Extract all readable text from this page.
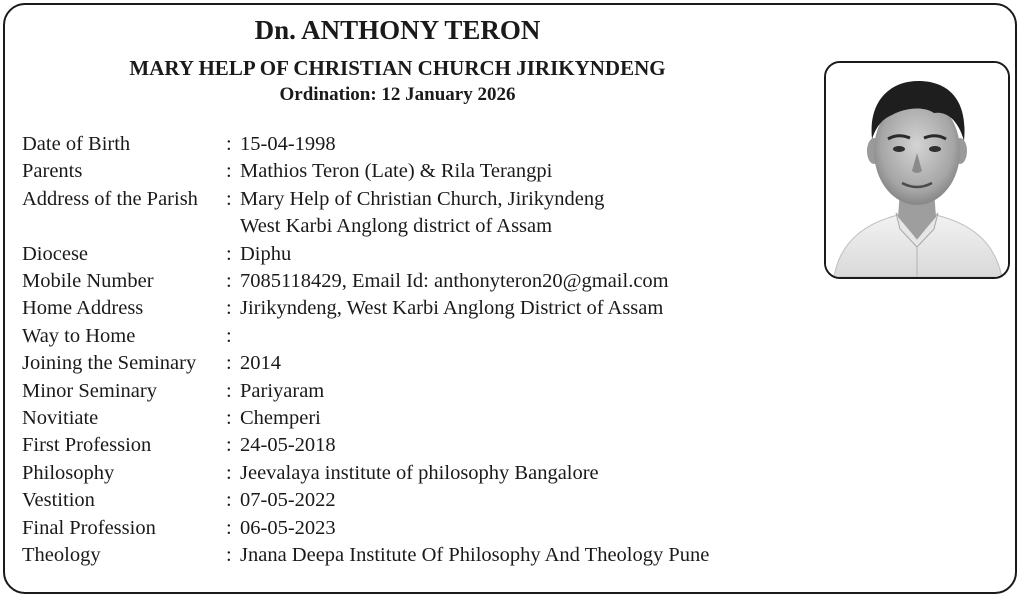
Dn. ANTHONY TERON
MARY HELP OF CHRISTIAN CHURCH JIRIKYNDENG
Ordination: 12 January 2026
Date of Birth	: 15-04-1998
Parents	: Mathios Teron (Late) & Rila Terangpi
Address of the Parish	: Mary Help of Christian Church, Jirikyndeng
West Karbi Anglong district of Assam
Diocese	: Diphu
Mobile Number	: 7085118429, Email Id: anthonyteron20@gmail.com
Home Address	: Jirikyndeng, West Karbi Anglong District of Assam
Way to Home	:
Joining the Seminary	: 2014
Minor Seminary	: Pariyaram
Novitiate	: Chemperi
First Profession	: 24-05-2018
Philosophy	: Jeevalaya institute of philosophy Bangalore
Vestition	: 07-05-2022
Final Profession	: 06-05-2023
Theology	: Jnana Deepa Institute Of Philosophy And Theology Pune
